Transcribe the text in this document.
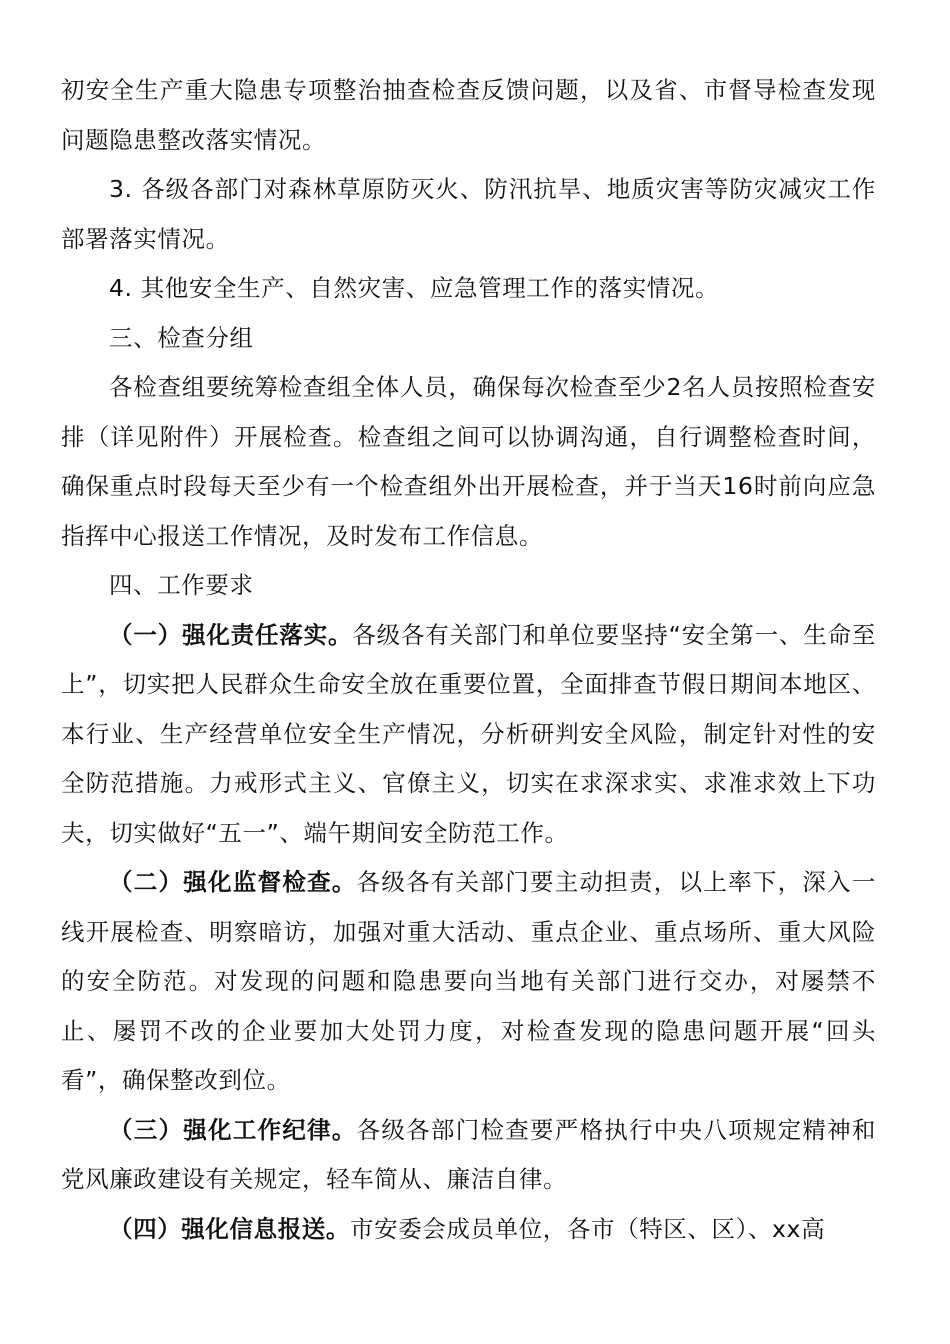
初安全生产重大隐患专项整治抽查检查反馈问题，以及省、市督导检查发现问题隐患整改落实情况。

3. 各级各部门对森林草原防灭火、防汛抗旱、地质灾害等防灾减灾工作部署落实情况。

4. 其他安全生产、自然灾害、应急管理工作的落实情况。

三、检查分组

各检查组要统筹检查组全体人员，确保每次检查至少2名人员按照检查安排（详见附件）开展检查。检查组之间可以协调沟通，自行调整检查时间，确保重点时段每天至少有一个检查组外出开展检查，并于当天16时前向应急指挥中心报送工作情况，及时发布工作信息。

四、工作要求

（一）强化责任落实。各级各有关部门和单位要坚持“安全第一、生命至上”，切实把人民群众生命安全放在重要位置，全面排查节假日期间本地区、本行业、生产经营单位安全生产情况，分析研判安全风险，制定针对性的安全防范措施。力戒形式主义、官僚主义，切实在求深求实、求准求效上下功夫，切实做好“五一”、端午期间安全防范工作。

（二）强化监督检查。各级各有关部门要主动担责，以上率下，深入一线开展检查、明察暗访，加强对重大活动、重点企业、重点场所、重大风险的安全防范。对发现的问题和隐患要向当地有关部门进行交办，对屡禁不止、屡罚不改的企业要加大处罚力度，对检查发现的隐患问题开展“回头看”，确保整改到位。

（三）强化工作纪律。各级各部门检查要严格执行中央八项规定精神和党风廉政建设有关规定，轻车简从、廉洁自律。

（四）强化信息报送。市安委会成员单位，各市（特区、区）、xx高
